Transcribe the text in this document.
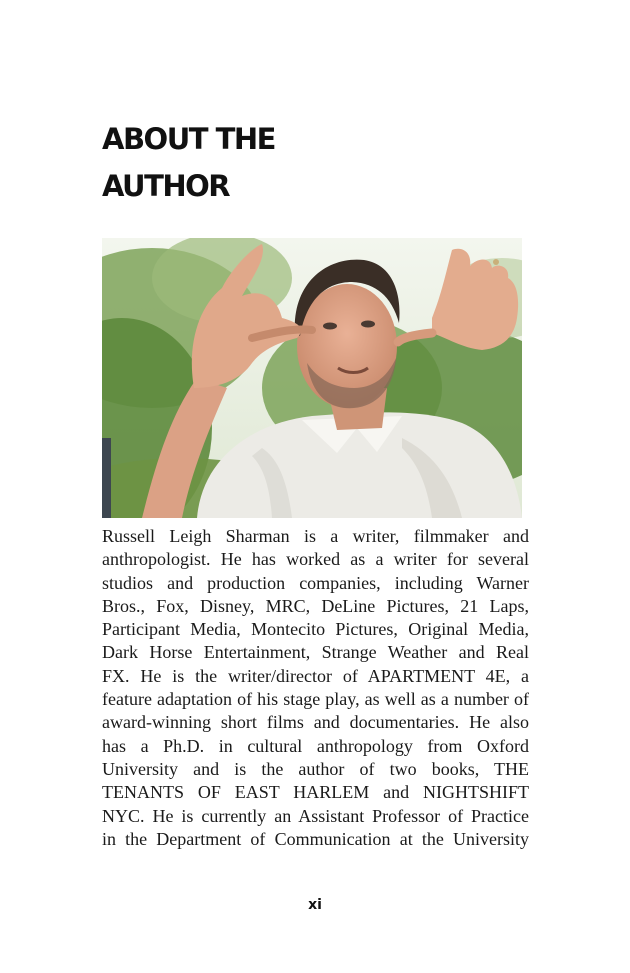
ABOUT THE
AUTHOR

Russell Leigh Sharman is a writer, filmmaker and
anthropologist. He has worked as a writer for several
studios and production companies, including Warner
Bros., Fox, Disney, MRC, DeLine Pictures, 21 Laps,
Participant Media, Montecito Pictures, Original Media,
Dark Horse Entertainment, Strange Weather and Real
FX. He is the writer/director of APARTMENT 4E, a
feature adaptation of his stage play, as well as a number of
award-winning short films and documentaries. He also
has a Ph.D. in cultural anthropology from Oxford
University and is the author of two books, THE
TENANTS OF EAST HARLEM and NIGHTSHIFT
NYC. He is currently an Assistant Professor of Practice
in the Department of Communication at the University

xi
